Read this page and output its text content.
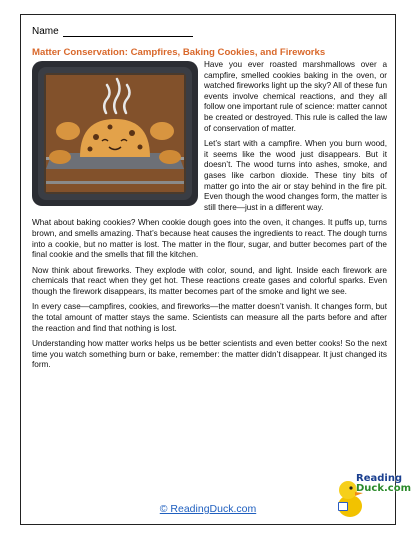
Name
Matter Conservation: Campfires, Baking Cookies, and Fireworks

Have you ever roasted marshmallows over a campfire, smelled cookies baking in the oven, or watched fireworks light up the sky? All of these fun events involve chemical reactions, and they all follow one important rule of science: matter cannot be created or destroyed. This rule is called the law of conservation of matter.

Let’s start with a campfire. When you burn wood, it seems like the wood just disappears. But it doesn’t. The wood turns into ashes, smoke, and gases like carbon dioxide. These tiny bits of matter go into the air or stay behind in the fire pit. Even though the wood changes form, the matter is still there—just in a different way.

What about baking cookies? When cookie dough goes into the oven, it changes. It puffs up, turns brown, and smells amazing. That’s because heat causes the ingredients to react. The dough turns into a cookie, but no matter is lost. The matter in the flour, sugar, and butter becomes part of the final cookie and the smells that fill the kitchen.

Now think about fireworks. They explode with color, sound, and light. Inside each firework are chemicals that react when they get hot. These reactions create gases and colorful sparks. Even though the firework disappears, its matter becomes part of the smoke and light we see.

In every case—campfires, cookies, and fireworks—the matter doesn’t vanish. It changes form, but the total amount of matter stays the same. Scientists can measure all the parts before and after the reaction and find that nothing is lost.

Understanding how matter works helps us be better scientists and even better cooks! So the next time you watch something burn or bake, remember: the matter didn’t disappear. It just changed its form.

© ReadingDuck.com
Reading
Duck.com
